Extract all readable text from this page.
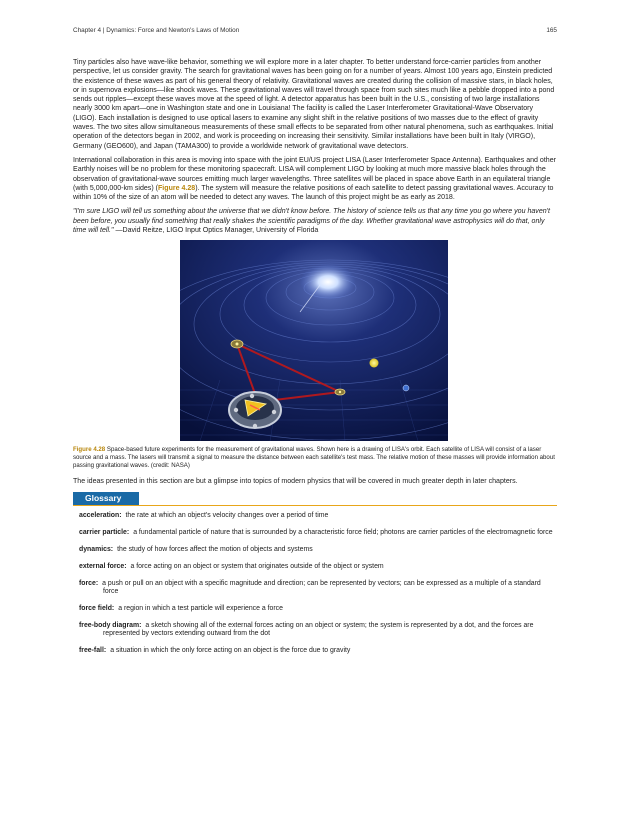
Chapter 4 | Dynamics: Force and Newton's Laws of Motion	165

Tiny particles also have wave-like behavior, something we will explore more in a later chapter. To better understand force-carrier particles from another perspective, let us consider gravity. The search for gravitational waves has been going on for a number of years. Almost 100 years ago, Einstein predicted the existence of these waves as part of his general theory of relativity. Gravitational waves are created during the collision of massive stars, in black holes, or in supernova explosions—like shock waves. These gravitational waves will travel through space from such sites much like a pebble dropped into a pond sends out ripples—except these waves move at the speed of light. A detector apparatus has been built in the U.S., consisting of two large installations nearly 3000 km apart—one in Washington state and one in Louisiana! The facility is called the Laser Interferometer Gravitational-Wave Observatory (LIGO). Each installation is designed to use optical lasers to examine any slight shift in the relative positions of two masses due to the effect of gravity waves. The two sites allow simultaneous measurements of these small effects to be separated from other natural phenomena, such as earthquakes. Initial operation of the detectors began in 2002, and work is proceeding on increasing their sensitivity. Similar installations have been built in Italy (VIRGO), Germany (GEO600), and Japan (TAMA300) to provide a worldwide network of gravitational wave detectors.

International collaboration in this area is moving into space with the joint EU/US project LISA (Laser Interferometer Space Antenna). Earthquakes and other Earthly noises will be no problem for these monitoring spacecraft. LISA will complement LIGO by looking at much more massive black holes through the observation of gravitational-wave sources emitting much larger wavelengths. Three satellites will be placed in space above Earth in an equilateral triangle (with 5,000,000-km sides) (Figure 4.28). The system will measure the relative positions of each satellite to detect passing gravitational waves. Accuracy to within 10% of the size of an atom will be needed to detect any waves. The launch of this project might be as early as 2018.

"I'm sure LIGO will tell us something about the universe that we didn't know before. The history of science tells us that any time you go where you haven't been before, you usually find something that really shakes the scientific paradigms of the day. Whether gravitational wave astrophysics will do that, only time will tell." —David Reitze, LIGO Input Optics Manager, University of Florida

Figure 4.28 Space-based future experiments for the measurement of gravitational waves. Shown here is a drawing of LISA's orbit. Each satellite of LISA will consist of a laser source and a mass. The lasers will transmit a signal to measure the distance between each satellite's test mass. The relative motion of these masses will provide information about passing gravitational waves. (credit: NASA)

The ideas presented in this section are but a glimpse into topics of modern physics that will be covered in much greater depth in later chapters.

Glossary
acceleration: the rate at which an object's velocity changes over a period of time
carrier particle: a fundamental particle of nature that is surrounded by a characteristic force field; photons are carrier particles of the electromagnetic force
dynamics: the study of how forces affect the motion of objects and systems
external force: a force acting on an object or system that originates outside of the object or system
force: a push or pull on an object with a specific magnitude and direction; can be represented by vectors; can be expressed as a multiple of a standard force
force field: a region in which a test particle will experience a force
free-body diagram: a sketch showing all of the external forces acting on an object or system; the system is represented by a dot, and the forces are represented by vectors extending outward from the dot
free-fall: a situation in which the only force acting on an object is the force due to gravity
